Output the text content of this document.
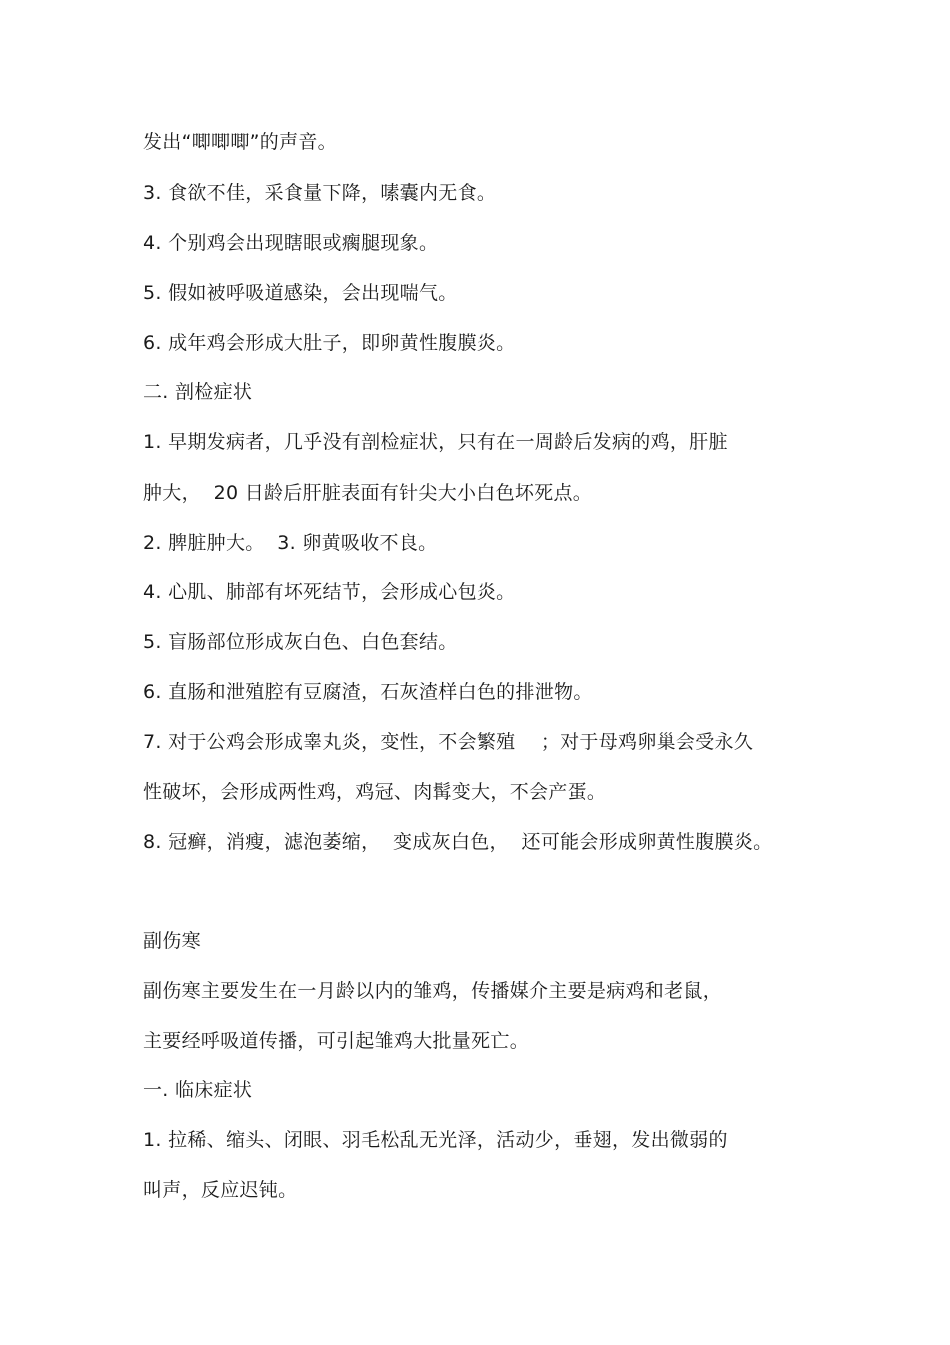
发出“唧唧唧”的声音。

3. 食欲不佳，采食量下降，嗉囊内无食。

4. 个别鸡会出现瞎眼或瘸腿现象。

5. 假如被呼吸道感染，会出现喘气。

6. 成年鸡会形成大肚子，即卵黄性腹膜炎。

二. 剖检症状

1. 早期发病者，几乎没有剖检症状，只有在一周龄后发病的鸡，肝脏

肿大，  20 日龄后肝脏表面有针尖大小白色坏死点。

2. 脾脏肿大。  3. 卵黄吸收不良。

4. 心肌、肺部有坏死结节，会形成心包炎。

5. 盲肠部位形成灰白色、白色套结。

6. 直肠和泄殖腔有豆腐渣，石灰渣样白色的排泄物。

7. 对于公鸡会形成睾丸炎，变性，不会繁殖    ；对于母鸡卵巢会受永久

性破坏，会形成两性鸡，鸡冠、肉髯变大，不会产蛋。

8. 冠癣，消瘦，滤泡萎缩，  变成灰白色，  还可能会形成卵黄性腹膜炎。

副伤寒

副伤寒主要发生在一月龄以内的雏鸡，传播媒介主要是病鸡和老鼠，

主要经呼吸道传播，可引起雏鸡大批量死亡。

一. 临床症状

1. 拉稀、缩头、闭眼、羽毛松乱无光泽，活动少，垂翅，发出微弱的

叫声，反应迟钝。
